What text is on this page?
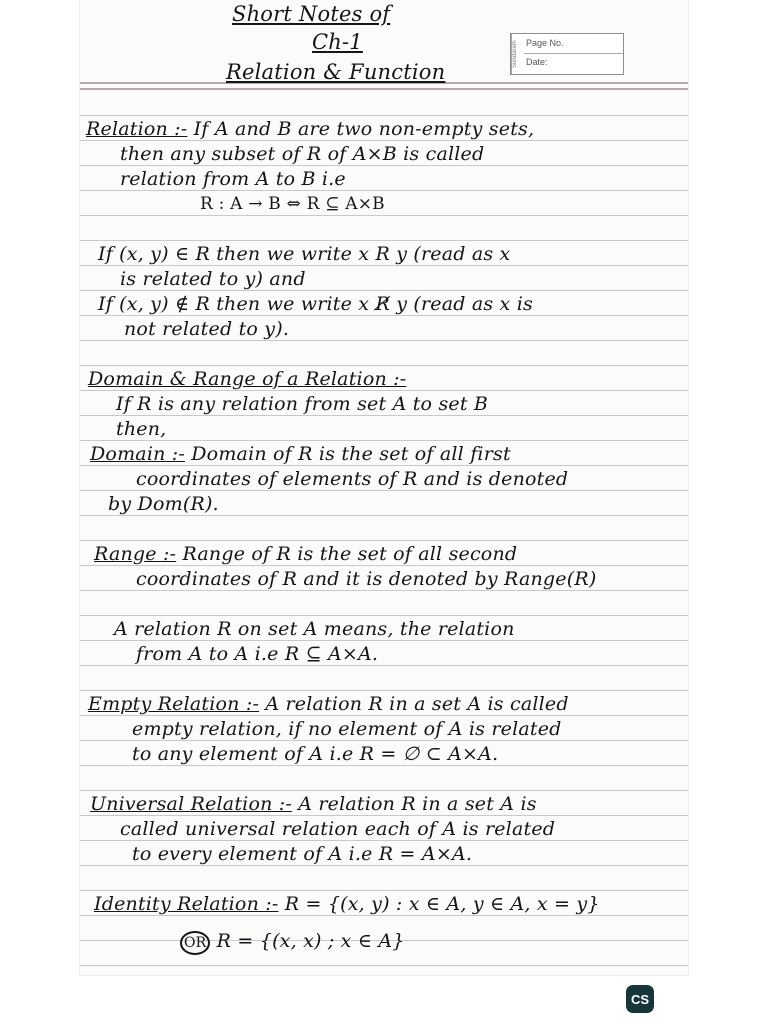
Sundaram Page No.
Date:
Short Notes of
Ch-1
Relation & Function
Relation :- If A and B are two non-empty sets,
then any subset of R of A×B is called
relation from A to B i.e
R : A → B ⇔ R ⊆ A×B
If (x, y) ∈ R then we write x R y (read as x
is related to y) and
If (x, y) ∉ R then we write x R̸ y (read as x is
not related to y).
Domain & Range of a Relation :-
If R is any relation from set A to set B
then,
Domain :- Domain of R is the set of all first
coordinates of elements of R and is denoted
by Dom(R).
Range :- Range of R is the set of all second
coordinates of R and it is denoted by Range(R)
A relation R on set A means, the relation
from A to A i.e R ⊆ A×A.
Empty Relation :- A relation R in a set A is called
empty relation, if no element of A is related
to any element of A i.e R = ∅ ⊂ A×A.
Universal Relation :- A relation R in a set A is
called universal relation each of A is related
to every element of A i.e R = A×A.
Identity Relation :- R = {(x, y) : x ∈ A, y ∈ A, x = y}
OR R = {(x, x) ; x ∈ A}
CS
